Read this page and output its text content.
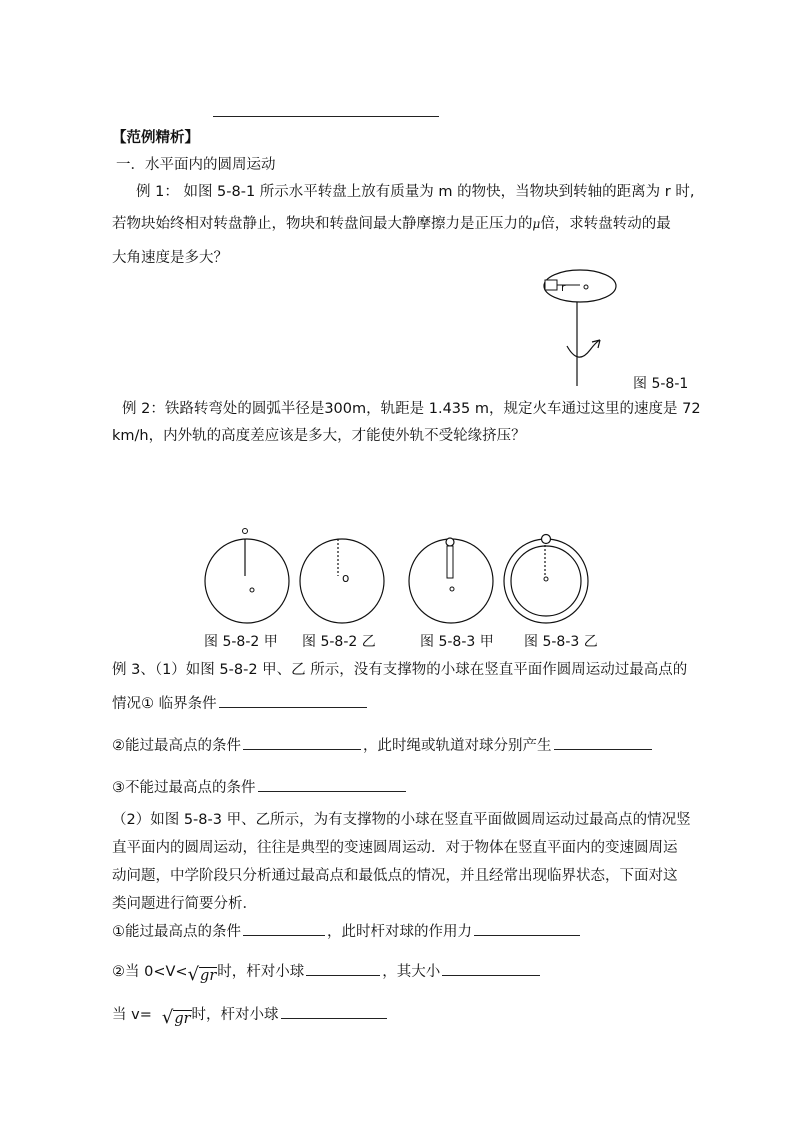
【范例精析】
一．水平面内的圆周运动
例 1： 如图 5-8-1 所示水平转盘上放有质量为 m 的物快，当物块到转轴的距离为 r 时,
若物块始终相对转盘静止，物块和转盘间最大静摩擦力是正压力的μ倍，求转盘转动的最
大角速度是多大？
r
图 5-8-1
例 2：铁路转弯处的圆弧半径是300m，轨距是 1.435 m，规定火车通过这里的速度是 72
km/h，内外轨的高度差应该是多大，才能使外轨不受轮缘挤压？
o
图 5-8-2 甲 图 5-8-2 乙	图 5-8-3 甲 图 5-8-3 乙
例 3、（1）如图 5-8-2 甲、乙 所示，没有支撑物的小球在竖直平面作圆周运动过最高点的
情况① 临界条件
②能过最高点的条件	，此时绳或轨道对球分别产生
③不能过最高点的条件
（2）如图 5-8-3 甲、乙所示，为有支撑物的小球在竖直平面做圆周运动过最高点的情况竖
直平面内的圆周运动，往往是典型的变速圆周运动．对于物体在竖直平面内的变速圆周运
动问题，中学阶段只分析通过最高点和最低点的情况，并且经常出现临界状态，下面对这
类问题进行简要分析．
①能过最高点的条件	，此时杆对球的作用力
②当 0<V< √ gr 时，杆对小球	，其大小
当 v= √ gr 时，杆对小球
